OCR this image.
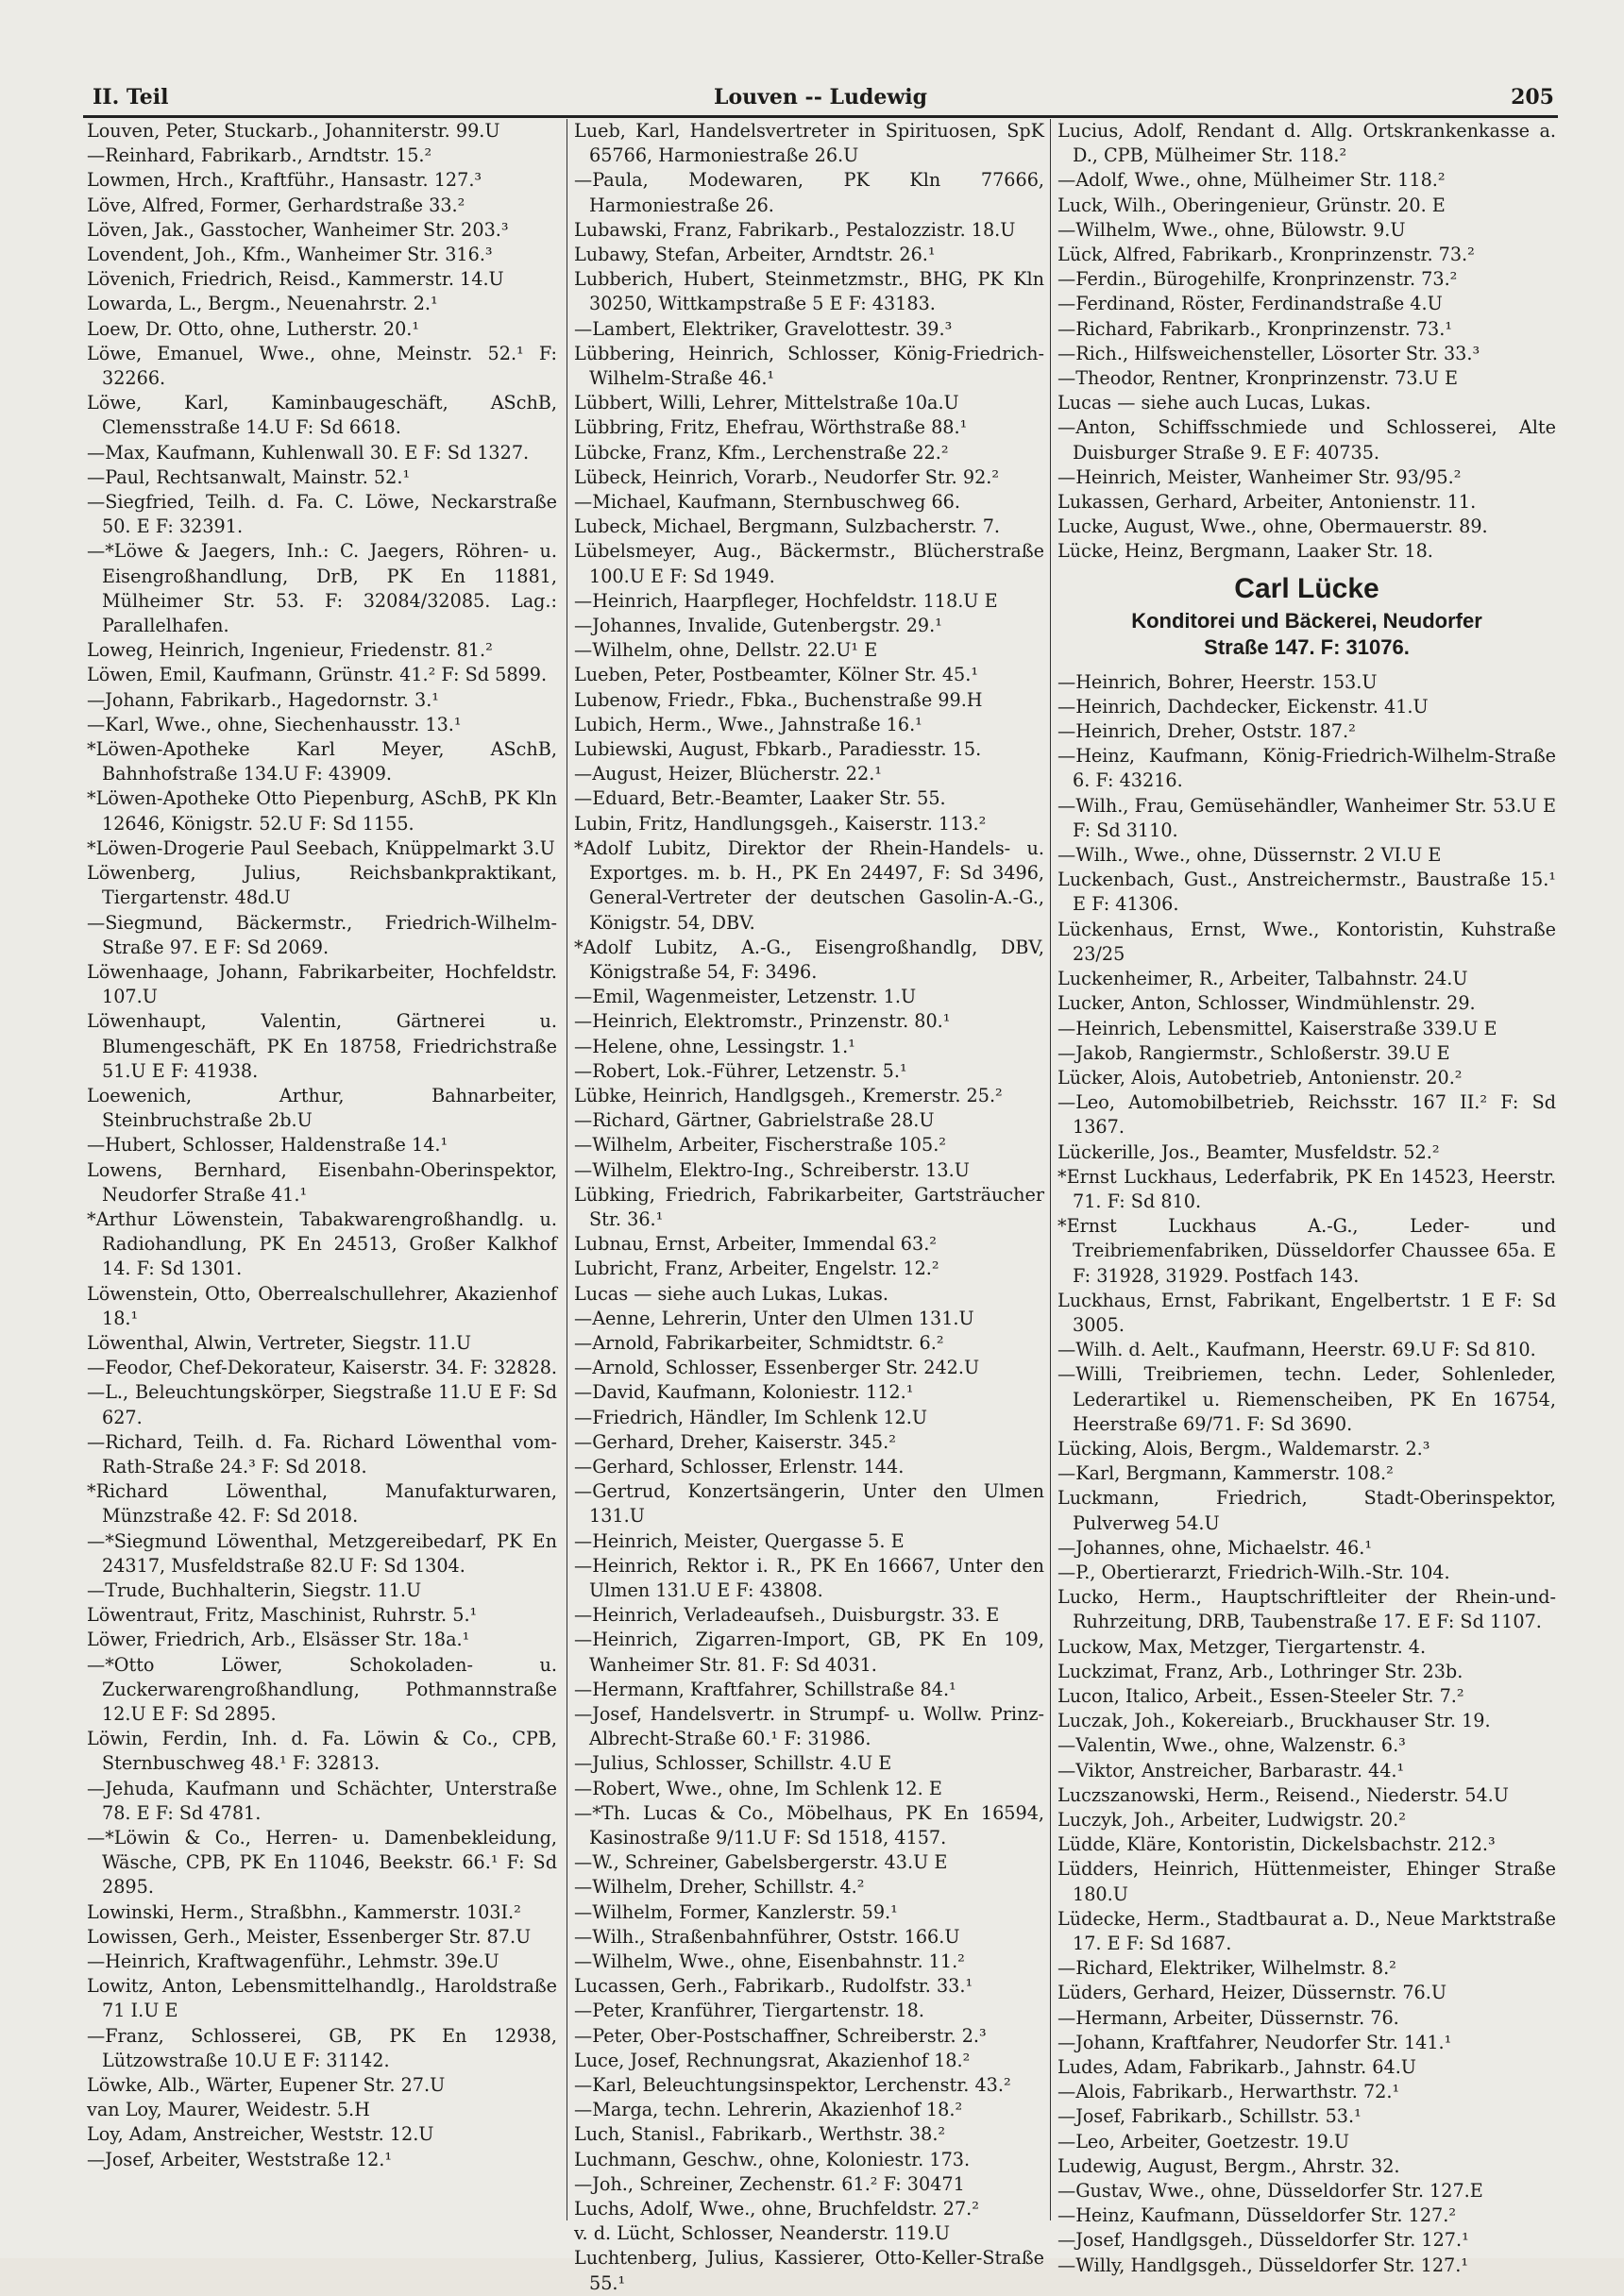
II. Teil	Louven -- Ludewig	205
Louven, Peter, Stuckarb., Johanniterstr. 99.U
—Reinhard, Fabrikarb., Arndtstr. 15.²
Lowmen, Hrch., Kraftführ., Hansastr. 127.³
Löve, Alfred, Former, Gerhardstraße 33.²
Löven, Jak., Gasstocher, Wanheimer Str. 203.³
Lovendent, Joh., Kfm., Wanheimer Str. 316.³
Lövenich, Friedrich, Reisd., Kammerstr. 14.U
Lowarda, L., Bergm., Neuenahrstr. 2.¹
Loew, Dr. Otto, ohne, Lutherstr. 20.¹
Löwe, Emanuel, Wwe., ohne, Meinstr. 52.¹ F: 32266.
Löwe, Karl, Kaminbaugeschäft, ASchB, Clemensstraße 14.U F: Sd 6618.
—Max, Kaufmann, Kuhlenwall 30. E F: Sd 1327.
—Paul, Rechtsanwalt, Mainstr. 52.¹
—Siegfried, Teilh. d. Fa. C. Löwe, Neckarstraße 50. E F: 32391.
—*Löwe & Jaegers, Inh.: C. Jaegers, Röhren- u. Eisengroßhandlung, DrB, PK En 11881, Mülheimer Str. 53. F: 32084/32085. Lag.: Parallelhafen.
Loweg, Heinrich, Ingenieur, Friedenstr. 81.²
Löwen, Emil, Kaufmann, Grünstr. 41.² F: Sd 5899.
—Johann, Fabrikarb., Hagedornstr. 3.¹
—Karl, Wwe., ohne, Siechenhausstr. 13.¹
*Löwen-Apotheke Karl Meyer, ASchB, Bahnhofstraße 134.U F: 43909.
*Löwen-Apotheke Otto Piepenburg, ASchB, PK Kln 12646, Königstr. 52.U F: Sd 1155.
*Löwen-Drogerie Paul Seebach, Knüppelmarkt 3.U
Löwenberg, Julius, Reichsbankpraktikant, Tiergartenstr. 48d.U
—Siegmund, Bäckermstr., Friedrich-Wilhelm-Straße 97. E F: Sd 2069.
Löwenhaage, Johann, Fabrikarbeiter, Hochfeldstr. 107.U
Löwenhaupt, Valentin, Gärtnerei u. Blumengeschäft, PK En 18758, Friedrichstraße 51.U E F: 41938.
Loewenich, Arthur, Bahnarbeiter, Steinbruchstraße 2b.U
—Hubert, Schlosser, Haldenstraße 14.¹
Lowens, Bernhard, Eisenbahn-Oberinspektor, Neudorfer Straße 41.¹
*Arthur Löwenstein, Tabakwarengroßhandlg. u. Radiohandlung, PK En 24513, Großer Kalkhof 14. F: Sd 1301.
Löwenstein, Otto, Oberrealschullehrer, Akazienhof 18.¹
Löwenthal, Alwin, Vertreter, Siegstr. 11.U
—Feodor, Chef-Dekorateur, Kaiserstr. 34. F: 32828.
—L., Beleuchtungskörper, Siegstraße 11.U E F: Sd 627.
—Richard, Teilh. d. Fa. Richard Löwenthal vom-Rath-Straße 24.³ F: Sd 2018.
*Richard Löwenthal, Manufakturwaren, Münzstraße 42. F: Sd 2018.
—*Siegmund Löwenthal, Metzgereibedarf, PK En 24317, Musfeldstraße 82.U F: Sd 1304.
—Trude, Buchhalterin, Siegstr. 11.U
Löwentraut, Fritz, Maschinist, Ruhrstr. 5.¹
Löwer, Friedrich, Arb., Elsässer Str. 18a.¹
—*Otto Löwer, Schokoladen- u. Zuckerwarengroßhandlung, Pothmannstraße 12.U E F: Sd 2895.
Löwin, Ferdin, Inh. d. Fa. Löwin & Co., CPB, Sternbuschweg 48.¹ F: 32813.
—Jehuda, Kaufmann und Schächter, Unterstraße 78. E F: Sd 4781.
—*Löwin & Co., Herren- u. Damenbekleidung, Wäsche, CPB, PK En 11046, Beekstr. 66.¹ F: Sd 2895.
Lowinski, Herm., Straßbhn., Kammerstr. 103I.²
Lowissen, Gerh., Meister, Essenberger Str. 87.U
—Heinrich, Kraftwagenführ., Lehmstr. 39e.U
Lowitz, Anton, Lebensmittelhandlg., Haroldstraße 71 I.U E
—Franz, Schlosserei, GB, PK En 12938, Lützowstraße 10.U E F: 31142.
Löwke, Alb., Wärter, Eupener Str. 27.U
van Loy, Maurer, Weidestr. 5.H
Loy, Adam, Anstreicher, Weststr. 12.U
—Josef, Arbeiter, Weststraße 12.¹
Lueb, Karl, Handelsvertreter in Spirituosen, SpK 65766, Harmoniestraße 26.U
—Paula, Modewaren, PK Kln 77666, Harmoniestraße 26.
Lubawski, Franz, Fabrikarb., Pestalozzistr. 18.U
Lubawy, Stefan, Arbeiter, Arndtstr. 26.¹
Lubberich, Hubert, Steinmetzmstr., BHG, PK Kln 30250, Wittkampstraße 5 E F: 43183.
—Lambert, Elektriker, Gravelottestr. 39.³
Lübbering, Heinrich, Schlosser, König-Friedrich-Wilhelm-Straße 46.¹
Lübbert, Willi, Lehrer, Mittelstraße 10a.U
Lübbring, Fritz, Ehefrau, Wörthstraße 88.¹
Lübcke, Franz, Kfm., Lerchenstraße 22.²
Lübeck, Heinrich, Vorarb., Neudorfer Str. 92.²
—Michael, Kaufmann, Sternbuschweg 66.
Lubeck, Michael, Bergmann, Sulzbacherstr. 7.
Lübelsmeyer, Aug., Bäckermstr., Blücherstraße 100.U E F: Sd 1949.
—Heinrich, Haarpfleger, Hochfeldstr. 118.U E
—Johannes, Invalide, Gutenbergstr. 29.¹
—Wilhelm, ohne, Dellstr. 22.U¹ E
Lueben, Peter, Postbeamter, Kölner Str. 45.¹
Lubenow, Friedr., Fbka., Buchenstraße 99.H
Lubich, Herm., Wwe., Jahnstraße 16.¹
Lubiewski, August, Fbkarb., Paradiesstr. 15.
—August, Heizer, Blücherstr. 22.¹
—Eduard, Betr.-Beamter, Laaker Str. 55.
Lubin, Fritz, Handlungsgeh., Kaiserstr. 113.²
*Adolf Lubitz, Direktor der Rhein-Handels- u. Exportges. m. b. H., PK En 24497, F: Sd 3496, General-Vertreter der deutschen Gasolin-A.-G., Königstr. 54, DBV.
*Adolf Lubitz, A.-G., Eisengroßhandlg, DBV, Königstraße 54, F: 3496.
—Emil, Wagenmeister, Letzenstr. 1.U
—Heinrich, Elektromstr., Prinzenstr. 80.¹
—Helene, ohne, Lessingstr. 1.¹
—Robert, Lok.-Führer, Letzenstr. 5.¹
Lübke, Heinrich, Handlgsgeh., Kremerstr. 25.²
—Richard, Gärtner, Gabrielstraße 28.U
—Wilhelm, Arbeiter, Fischerstraße 105.²
—Wilhelm, Elektro-Ing., Schreiberstr. 13.U
Lübking, Friedrich, Fabrikarbeiter, Gartsträucher Str. 36.¹
Lubnau, Ernst, Arbeiter, Immendal 63.²
Lubricht, Franz, Arbeiter, Engelstr. 12.²
Lucas — siehe auch Lukas, Lukas.
—Aenne, Lehrerin, Unter den Ulmen 131.U
—Arnold, Fabrikarbeiter, Schmidtstr. 6.²
—Arnold, Schlosser, Essenberger Str. 242.U
—David, Kaufmann, Koloniestr. 112.¹
—Friedrich, Händler, Im Schlenk 12.U
—Gerhard, Dreher, Kaiserstr. 345.²
—Gerhard, Schlosser, Erlenstr. 144.
—Gertrud, Konzertsängerin, Unter den Ulmen 131.U
—Heinrich, Meister, Quergasse 5. E
—Heinrich, Rektor i. R., PK En 16667, Unter den Ulmen 131.U E F: 43808.
—Heinrich, Verladeaufseh., Duisburgstr. 33. E
—Heinrich, Zigarren-Import, GB, PK En 109, Wanheimer Str. 81. F: Sd 4031.
—Hermann, Kraftfahrer, Schillstraße 84.¹
—Josef, Handelsvertr. in Strumpf- u. Wollw. Prinz-Albrecht-Straße 60.¹ F: 31986.
—Julius, Schlosser, Schillstr. 4.U E
—Robert, Wwe., ohne, Im Schlenk 12. E
—*Th. Lucas & Co., Möbelhaus, PK En 16594, Kasinostraße 9/11.U F: Sd 1518, 4157.
—W., Schreiner, Gabelsbergerstr. 43.U E
—Wilhelm, Dreher, Schillstr. 4.²
—Wilhelm, Former, Kanzlerstr. 59.¹
—Wilh., Straßenbahnführer, Oststr. 166.U
—Wilhelm, Wwe., ohne, Eisenbahnstr. 11.²
Lucassen, Gerh., Fabrikarb., Rudolfstr. 33.¹
—Peter, Kranführer, Tiergartenstr. 18.
—Peter, Ober-Postschaffner, Schreiberstr. 2.³
Luce, Josef, Rechnungsrat, Akazienhof 18.²
—Karl, Beleuchtungsinspektor, Lerchenstr. 43.²
—Marga, techn. Lehrerin, Akazienhof 18.²
Luch, Stanisl., Fabrikarb., Werthstr. 38.²
Luchmann, Geschw., ohne, Koloniestr. 173.
—Joh., Schreiner, Zechenstr. 61.² F: 30471
Luchs, Adolf, Wwe., ohne, Bruchfeldstr. 27.²
v. d. Lücht, Schlosser, Neanderstr. 119.U
Luchtenberg, Julius, Kassierer, Otto-Keller-Straße 55.¹
Lucius, Adolf, Rendant d. Allg. Ortskrankenkasse a. D., CPB, Mülheimer Str. 118.²
—Adolf, Wwe., ohne, Mülheimer Str. 118.²
Luck, Wilh., Oberingenieur, Grünstr. 20. E
—Wilhelm, Wwe., ohne, Bülowstr. 9.U
Lück, Alfred, Fabrikarb., Kronprinzenstr. 73.²
—Ferdin., Bürogehilfe, Kronprinzenstr. 73.²
—Ferdinand, Röster, Ferdinandstraße 4.U
—Richard, Fabrikarb., Kronprinzenstr. 73.¹
—Rich., Hilfsweichensteller, Lösorter Str. 33.³
—Theodor, Rentner, Kronprinzenstr. 73.U E
Lucas — siehe auch Lucas, Lukas.
—Anton, Schiffsschmiede und Schlosserei, Alte Duisburger Straße 9. E F: 40735.
—Heinrich, Meister, Wanheimer Str. 93/95.²
Lukassen, Gerhard, Arbeiter, Antonienstr. 11.
Lucke, August, Wwe., ohne, Obermauerstr. 89.
Lücke, Heinz, Bergmann, Laaker Str. 18.
Carl Lücke
Konditorei und Bäckerei, Neudorfer
Straße 147. F: 31076.
—Heinrich, Bohrer, Heerstr. 153.U
—Heinrich, Dachdecker, Eickenstr. 41.U
—Heinrich, Dreher, Oststr. 187.²
—Heinz, Kaufmann, König-Friedrich-Wilhelm-Straße 6. F: 43216.
—Wilh., Frau, Gemüsehändler, Wanheimer Str. 53.U E F: Sd 3110.
—Wilh., Wwe., ohne, Düssernstr. 2 VI.U E
Luckenbach, Gust., Anstreichermstr., Baustraße 15.¹ E F: 41306.
Lückenhaus, Ernst, Wwe., Kontoristin, Kuhstraße 23/25
Luckenheimer, R., Arbeiter, Talbahnstr. 24.U
Lucker, Anton, Schlosser, Windmühlenstr. 29.
—Heinrich, Lebensmittel, Kaiserstraße 339.U E
—Jakob, Rangiermstr., Schloßerstr. 39.U E
Lücker, Alois, Autobetrieb, Antonienstr. 20.²
—Leo, Automobilbetrieb, Reichsstr. 167 II.² F: Sd 1367.
Lückerille, Jos., Beamter, Musfeldstr. 52.²
*Ernst Luckhaus, Lederfabrik, PK En 14523, Heerstr. 71. F: Sd 810.
*Ernst Luckhaus A.-G., Leder- und Treibriemenfabriken, Düsseldorfer Chaussee 65a. E F: 31928, 31929. Postfach 143.
Luckhaus, Ernst, Fabrikant, Engelbertstr. 1 E F: Sd 3005.
—Wilh. d. Aelt., Kaufmann, Heerstr. 69.U F: Sd 810.
—Willi, Treibriemen, techn. Leder, Sohlenleder, Lederartikel u. Riemenscheiben, PK En 16754, Heerstraße 69/71. F: Sd 3690.
Lücking, Alois, Bergm., Waldemarstr. 2.³
—Karl, Bergmann, Kammerstr. 108.²
Luckmann, Friedrich, Stadt-Oberinspektor, Pulverweg 54.U
—Johannes, ohne, Michaelstr. 46.¹
—P., Obertierarzt, Friedrich-Wilh.-Str. 104.
Lucko, Herm., Hauptschriftleiter der Rhein-und-Ruhrzeitung, DRB, Taubenstraße 17. E F: Sd 1107.
Luckow, Max, Metzger, Tiergartenstr. 4.
Luckzimat, Franz, Arb., Lothringer Str. 23b.
Lucon, Italico, Arbeit., Essen-Steeler Str. 7.²
Luczak, Joh., Kokereiarb., Bruckhauser Str. 19.
—Valentin, Wwe., ohne, Walzenstr. 6.³
—Viktor, Anstreicher, Barbarastr. 44.¹
Luczszanowski, Herm., Reisend., Niederstr. 54.U
Luczyk, Joh., Arbeiter, Ludwigstr. 20.²
Lüdde, Kläre, Kontoristin, Dickelsbachstr. 212.³
Lüdders, Heinrich, Hüttenmeister, Ehinger Straße 180.U
Lüdecke, Herm., Stadtbaurat a. D., Neue Marktstraße 17. E F: Sd 1687.
—Richard, Elektriker, Wilhelmstr. 8.²
Lüders, Gerhard, Heizer, Düssernstr. 76.U
—Hermann, Arbeiter, Düssernstr. 76.
—Johann, Kraftfahrer, Neudorfer Str. 141.¹
Ludes, Adam, Fabrikarb., Jahnstr. 64.U
—Alois, Fabrikarb., Herwarthstr. 72.¹
—Josef, Fabrikarb., Schillstr. 53.¹
—Leo, Arbeiter, Goetzestr. 19.U
Ludewig, August, Bergm., Ahrstr. 32.
—Gustav, Wwe., ohne, Düsseldorfer Str. 127.E
—Heinz, Kaufmann, Düsseldorfer Str. 127.²
—Josef, Handlgsgeh., Düsseldorfer Str. 127.¹
—Willy, Handlgsgeh., Düsseldorfer Str. 127.¹
